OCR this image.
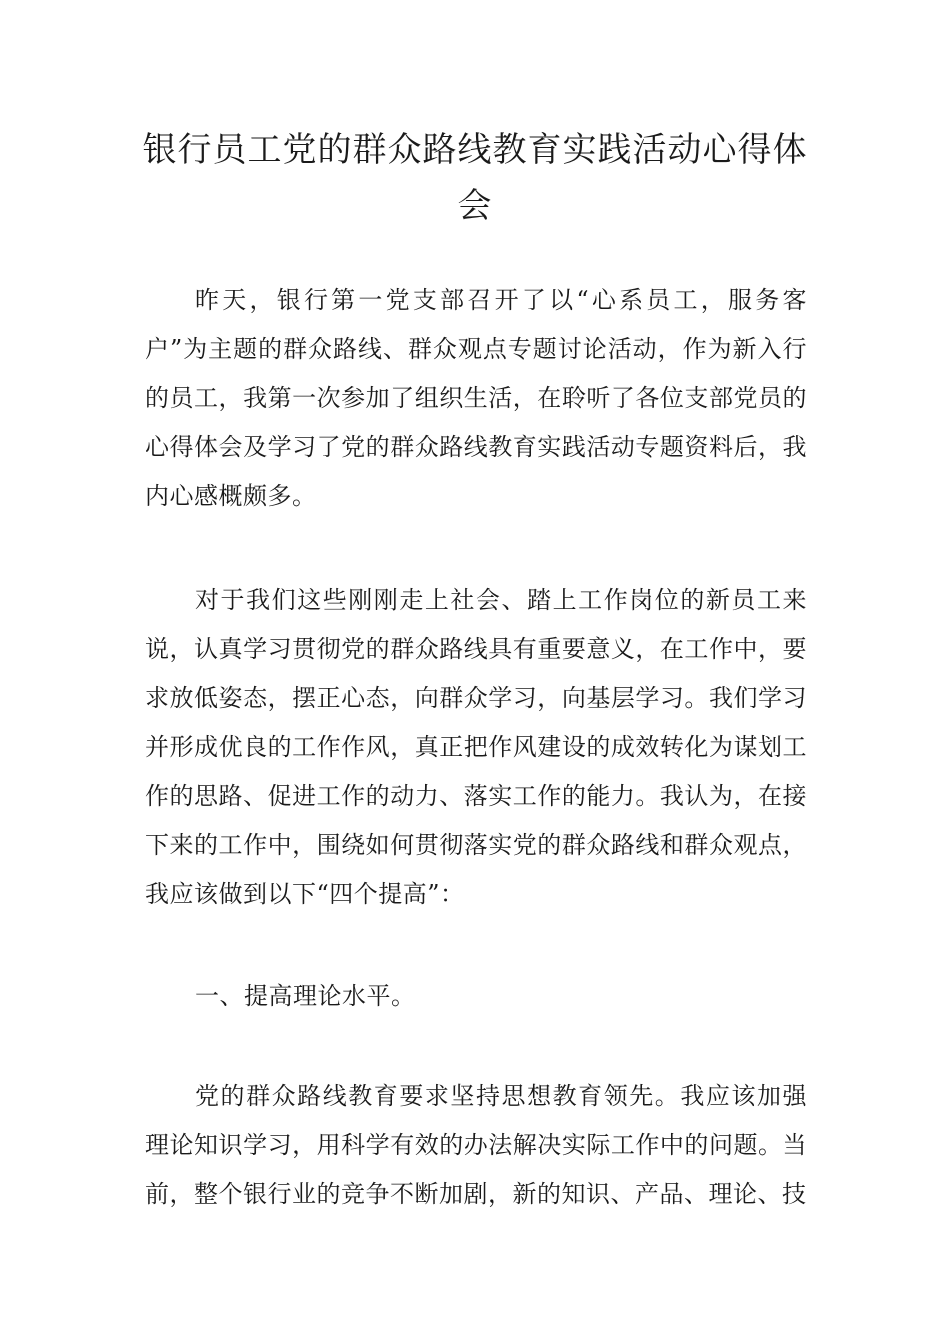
银行员工党的群众路线教育实践活动心得体会

昨天，银行第一党支部召开了以“心系员工，服务客户”为主题的群众路线、群众观点专题讨论活动，作为新入行的员工，我第一次参加了组织生活，在聆听了各位支部党员的心得体会及学习了党的群众路线教育实践活动专题资料后，我内心感概颇多。

对于我们这些刚刚走上社会、踏上工作岗位的新员工来说，认真学习贯彻党的群众路线具有重要意义，在工作中，要求放低姿态，摆正心态，向群众学习，向基层学习。我们学习并形成优良的工作作风，真正把作风建设的成效转化为谋划工作的思路、促进工作的动力、落实工作的能力。我认为，在接下来的工作中，围绕如何贯彻落实党的群众路线和群众观点，我应该做到以下“四个提高”：

一、提高理论水平。

党的群众路线教育要求坚持思想教育领先。我应该加强理论知识学习，用科学有效的办法解决实际工作中的问题。当前，整个银行业的竞争不断加剧，新的知识、产品、理论、技
